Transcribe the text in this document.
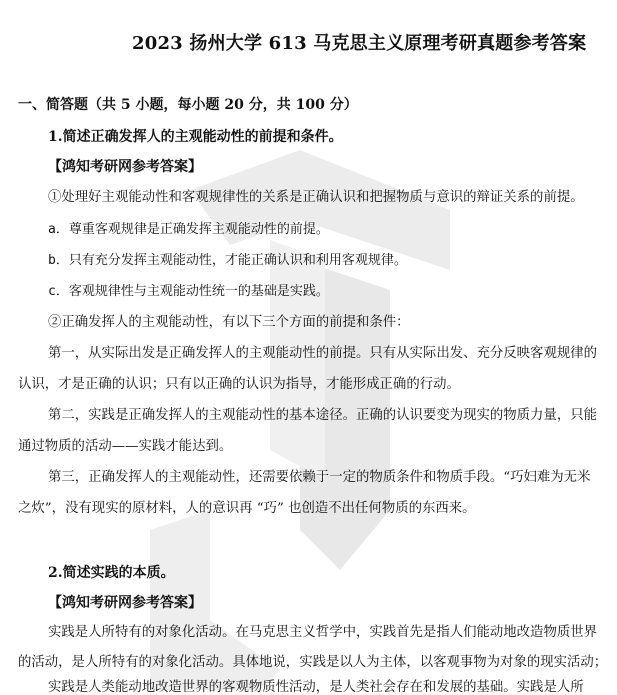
2023 扬州大学 613 马克思主义原理考研真题参考答案
一、简答题（共 5 小题，每小题 20 分，共 100 分）
1.简述正确发挥人的主观能动性的前提和条件。
【鸿知考研网参考答案】
①处理好主观能动性和客观规律性的关系是正确认识和把握物质与意识的辩证关系的前提。
a．尊重客观规律是正确发挥主观能动性的前提。
b．只有充分发挥主观能动性，才能正确认识和利用客观规律。
c．客观规律性与主观能动性统一的基础是实践。
②正确发挥人的主观能动性，有以下三个方面的前提和条件：
第一，从实际出发是正确发挥人的主观能动性的前提。只有从实际出发、充分反映客观规律的
认识，才是正确的认识；只有以正确的认识为指导，才能形成正确的行动。
第二，实践是正确发挥人的主观能动性的基本途径。正确的认识要变为现实的物质力量，只能
通过物质的活动——实践才能达到。
第三，正确发挥人的主观能动性，还需要依赖于一定的物质条件和物质手段。“巧妇难为无米
之炊”，没有现实的原材料，人的意识再 “巧” 也创造不出任何物质的东西来。
2.简述实践的本质。
【鸿知考研网参考答案】
实践是人所特有的对象化活动。在马克思主义哲学中，实践首先是指人们能动地改造物质世界
的活动，是人所特有的对象化活动。具体地说，实践是以人为主体，以客观事物为对象的现实活动；
实践是人类能动地改造世界的客观物质性活动，是人类社会存在和发展的基础。实践是人所
